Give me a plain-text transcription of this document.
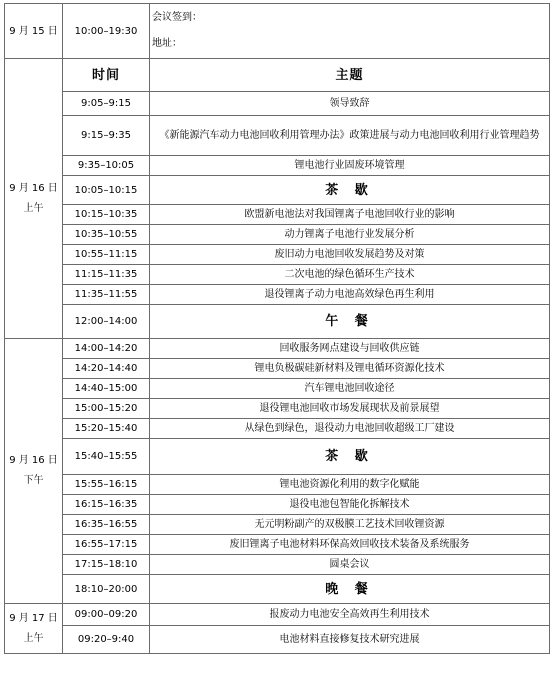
9 月 15 日	10:00–19:30	会议签到：
地址：

9 月 16 日
上午	时间	主题
	9:05–9:15	领导致辞
	9:15–9:35	《新能源汽车动力电池回收利用管理办法》政策进展与动力电池回收利用行业管理趋势
	9:35–10:05	锂电池行业固废环境管理
	10:05–10:15	茶 歇
	10:15–10:35	欧盟新电池法对我国锂离子电池回收行业的影响
	10:35–10:55	动力锂离子电池行业发展分析
	10:55–11:15	废旧动力电池回收发展趋势及对策
	11:15–11:35	二次电池的绿色循环生产技术
	11:35–11:55	退役锂离子动力电池高效绿色再生利用
	12:00–14:00	午 餐

9 月 16 日
下午	14:00–14:20	回收服务网点建设与回收供应链
	14:20–14:40	锂电负极碳硅新材料及锂电循环资源化技术
	14:40–15:00	汽车锂电池回收途径
	15:00–15:20	退役锂电池回收市场发展现状及前景展望
	15:20–15:40	从绿色到绿色，退役动力电池回收超级工厂建设
	15:40–15:55	茶 歇
	15:55–16:15	锂电池资源化利用的数字化赋能
	16:15–16:35	退役电池包智能化拆解技术
	16:35–16:55	无元明粉副产的双极膜工艺技术回收锂资源
	16:55–17:15	废旧锂离子电池材料环保高效回收技术装备及系统服务
	17:15–18:10	圆桌会议
	18:10–20:00	晚 餐

9 月 17 日
上午	09:00–09:20	报废动力电池安全高效再生利用技术
	09:20–9:40	电池材料直接修复技术研究进展
